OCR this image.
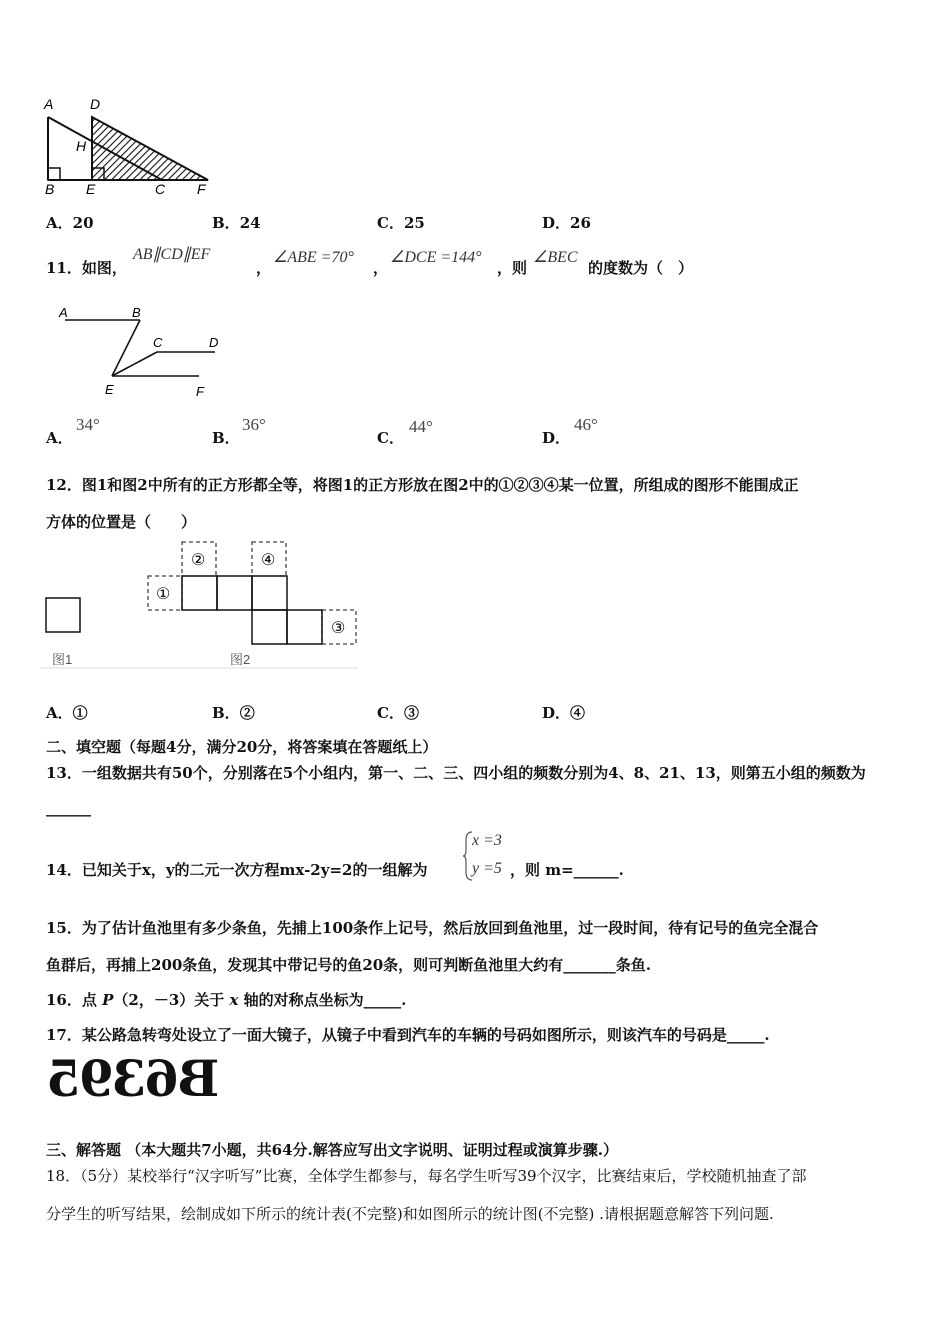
A	D
H
B E	C F
A．20	B．24	C．25	D．26
11．如图，
AB∥CD∥EF
，
∠ABE =70°
，
∠DCE =144°
，则
∠BEC
的度数为（　）
A	B
C	D
E	F
A．
34°
B．
36°
C．
44°
D．
46°
12．图1和图2中所有的正方形都全等，将图1的正方形放在图2中的①②③④某一位置，所组成的图形不能围成正
方体的位置是（　　）
①
②	④
③
图1	图2
A．①	B．②	C．③	D．④
二、填空题（每题4分，满分20分，将答案填在答题纸上）
13．一组数据共有50个，分别落在5个小组内，第一、二、三、四小组的频数分别为4、8、21、13，则第五小组的频数为
______
14．已知关于x，y的二元一次方程mx-2y=2的一组解为
x =3
y =5 ，则 m=______.
15．为了估计鱼池里有多少条鱼，先捕上100条作上记号，然后放回到鱼池里，过一段时间，待有记号的鱼完全混合
鱼群后，再捕上200条鱼，发现其中带记号的鱼20条，则可判断鱼池里大约有_______条鱼.
16．点 P（2，－3）关于 x 轴的对称点坐标为_____.
17．某公路急转弯处设立了一面大镜子，从镜子中看到汽车的车辆的号码如图所示，则该汽车的号码是_____.
B6395
三、解答题 （本大题共7小题，共64分.解答应写出文字说明、证明过程或演算步骤.）
18．（5分）某校举行“汉字听写”比赛，全体学生都参与，每名学生听写39个汉字，比赛结束后，学校随机抽查了部
分学生的听写结果，绘制成如下所示的统计表(不完整)和如图所示的统计图(不完整) .请根据题意解答下列问题.
